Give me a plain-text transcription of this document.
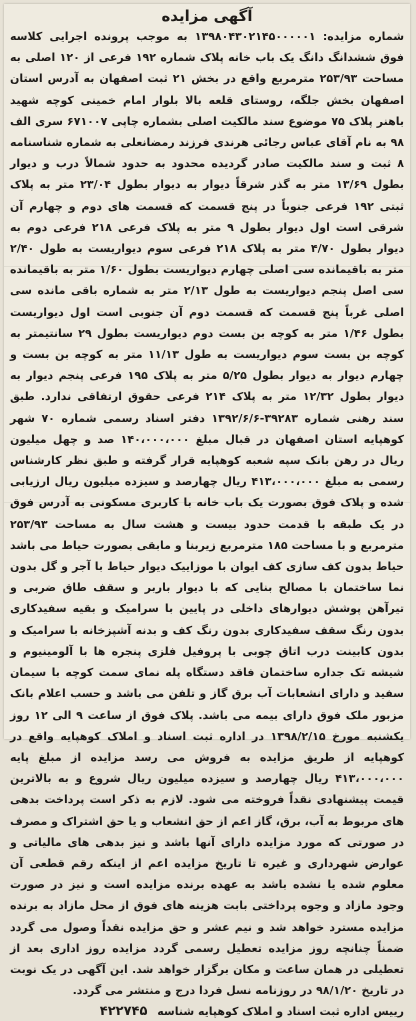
آگهی مزایده
شماره مزایده: ۱۳۹۸۰۴۳۰۲۱۴۵۰۰۰۰۰۱ به موجب پرونده اجرایی کلاسه فوق ششدانگ دانگ یک باب خانه پلاک شماره ۱۹۲ فرعی از ۱۲۰ اصلی به مساحت ۲۵۳/۹۳ مترمربع واقع در بخش ۲۱ ثبت اصفهان به آدرس استان اصفهان بخش جلگه، روستای قلعه بالا بلوار امام خمینی کوچه شهید باهنر پلاک ۷۵ موضوع سند مالکیت اصلی بشماره چاپی ۶۷۱۰۰۷ سری الف ۹۸ به نام آقای عباس رجائی هرندی فرزند رمضانعلی به شماره شناسنامه ۸ ثبت و سند مالکیت صادر گردیده محدود به حدود شمالاً درب و دیوار بطول ۱۳/۶۹ متر به گذر شرقاً دیوار به دیوار بطول ۲۳/۰۴ متر به پلاک ثبتی ۱۹۲ فرعی جنوباً در پنج قسمت که قسمت های دوم و چهارم آن شرقی است اول دیوار بطول ۹ متر به پلاک فرعی ۲۱۸ فرعی دوم به دیوار بطول ۴/۷۰ متر به پلاک ۲۱۸ فرعی سوم دیواریست به طول ۲/۴۰ متر به باقیمانده سی اصلی چهارم دیواریست بطول ۱/۶۰ متر به باقیمانده سی اصل پنجم دیواریست به طول ۲/۱۳ متر به شماره باقی مانده سی اصلی غرباً پنج قسمت که قسمت دوم آن جنوبی است اول دیواریست بطول ۱/۴۶ متر به کوچه بن بست دوم دیواریست بطول ۲۹ سانتیمتر به کوچه بن بست سوم دیواریست به طول ۱۱/۱۳ متر به کوچه بن بست و چهارم دیوار به دیوار بطول ۵/۲۵ متر به پلاک ۱۹۵ فرعی پنجم دیوار به دیوار بطول ۱۲/۳۲ متر به پلاک ۲۱۴ فرعی حقوق ارتفاقی ندارد. طبق سند رهنی شماره ۳۹۲۸۳-۱۳۹۲/۶/۶ دفتر اسناد رسمی شماره ۷۰ شهر کوهپایه استان اصفهان در قبال مبلغ ۱۴۰،۰۰۰،۰۰۰ صد و چهل میلیون ریال در رهن بانک سپه شعبه کوهپایه قرار گرفته و طبق نظر کارشناس رسمی به مبلغ ۴۱۳،۰۰۰،۰۰۰ ریال چهارصد و سیزده میلیون ریال ارزیابی شده و پلاک فوق بصورت یک باب خانه با کاربری مسکونی به آدرس فوق در یک طبقه با قدمت حدود بیست و هشت سال به مساحت ۲۵۳/۹۳ مترمربع و با مساحت ۱۸۵ مترمربع زیربنا و مابقی بصورت حیاط می باشد حیاط بدون کف سازی کف ایوان با موزاییک دیوار حیاط با آجر و گل بدون نما ساختمان با مصالح بنایی که با دیوار باربر و سقف طاق ضربی و تیرآهن پوشش دیوارهای داخلی در پایین با سرامیک و بقیه سفیدکاری بدون رنگ سقف سفیدکاری بدون رنگ کف و بدنه آشپزخانه با سرامیک و بدون کابینت درب اتاق چوبی با پروفیل فلزی پنجره ها با آلومینیوم و شیشه تک جداره ساختمان فاقد دستگاه پله نمای سمت کوچه با سیمان سفید و دارای انشعابات آب برق گاز و تلفن می باشد و حسب اعلام بانک مزبور ملک فوق دارای بیمه می باشد. پلاک فوق از ساعت ۹ الی ۱۲ روز یکشنبه مورخ ۱۳۹۸/۲/۱۵ در اداره ثبت اسناد و املاک کوهپایه واقع در کوهپایه از طریق مزایده به فروش می رسد مزایده از مبلغ پایه ۴۱۳،۰۰۰،۰۰۰ ریال چهارصد و سیزده میلیون ریال شروع و به بالاترین قیمت پیشنهادی نقداً فروخته می شود. لازم به ذکر است پرداخت بدهی های مربوط به آب، برق، گاز اعم از حق انشعاب و یا حق اشتراک و مصرف در صورتی که مورد مزایده دارای آنها باشد و نیز بدهی های مالیاتی و عوارض شهرداری و غیره تا تاریخ مزایده اعم از اینکه رقم قطعی آن معلوم شده یا نشده باشد به عهده برنده مزایده است و نیز در صورت وجود مازاد و وجوه پرداختی بابت هزینه های فوق از محل مازاد به برنده مزایده مسترد خواهد شد و نیم عشر و حق مزایده نقداً وصول می گردد ضمناً چنانچه روز مزایده تعطیل رسمی گردد مزایده روز اداری بعد از تعطیلی در همان ساعت و مکان برگزار خواهد شد. این آگهی در یک نوبت در تاریخ ۹۸/۱/۲۰ در روزنامه نسل فردا درج و منتشر می گردد.
رییس اداره ثبت اسناد و املاک کوهپایه شناسه ۴۲۲۷۴۵
